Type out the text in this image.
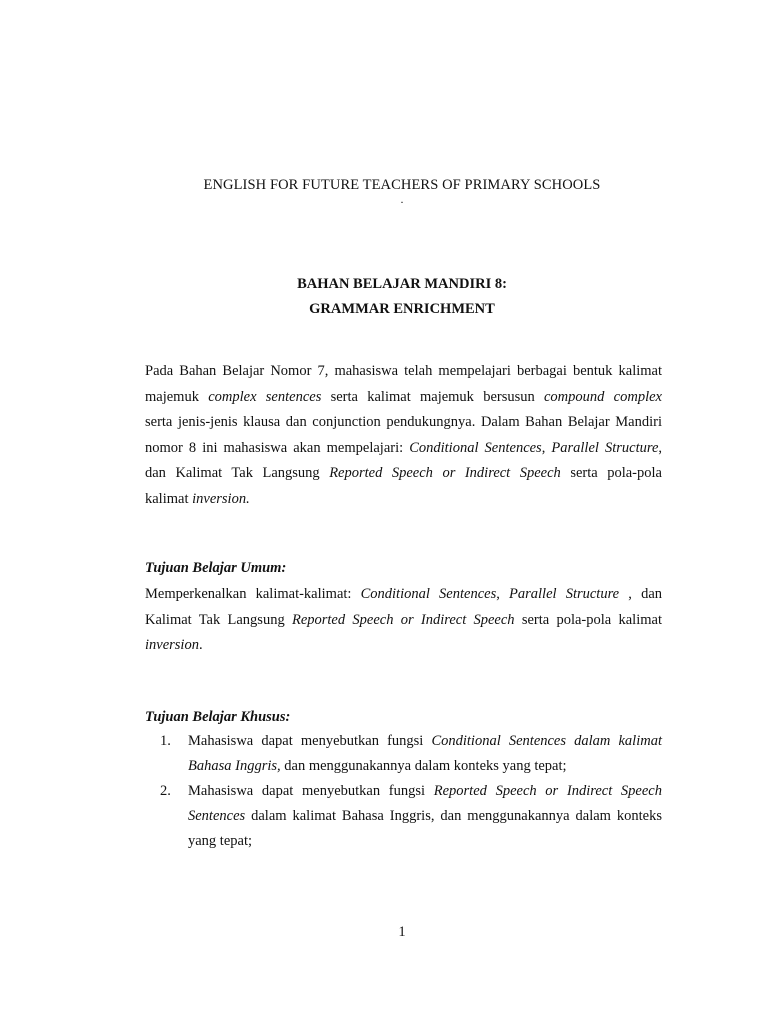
ENGLISH FOR FUTURE TEACHERS OF PRIMARY SCHOOLS
.
BAHAN BELAJAR MANDIRI 8:
GRAMMAR ENRICHMENT
Pada Bahan Belajar Nomor 7, mahasiswa telah mempelajari berbagai bentuk kalimat
majemuk complex sentences serta kalimat majemuk bersusun compound complex
serta jenis-jenis klausa dan conjunction pendukungnya. Dalam Bahan Belajar Mandiri
nomor 8 ini mahasiswa akan mempelajari: Conditional Sentences, Parallel Structure,
dan Kalimat Tak Langsung Reported Speech or Indirect Speech serta pola-pola
kalimat inversion.
Tujuan Belajar Umum:
Memperkenalkan kalimat-kalimat: Conditional Sentences, Parallel Structure , dan
Kalimat Tak Langsung Reported Speech or Indirect Speech serta pola-pola kalimat
inversion.
Tujuan Belajar Khusus:
1. Mahasiswa dapat menyebutkan fungsi Conditional Sentences dalam kalimat
Bahasa Inggris, dan menggunakannya dalam konteks yang tepat;
2. Mahasiswa dapat menyebutkan fungsi Reported Speech or Indirect Speech
Sentences dalam kalimat Bahasa Inggris, dan menggunakannya dalam konteks
yang tepat;
1
